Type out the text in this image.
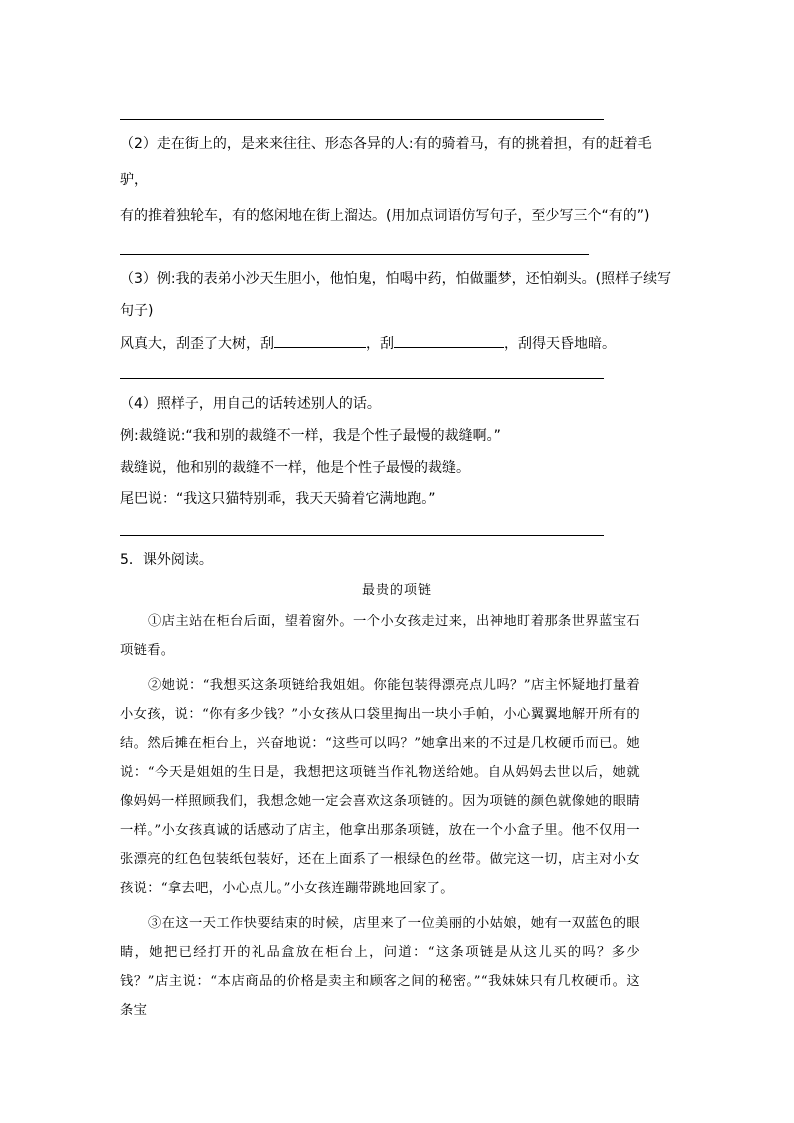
（2）走在街上的，是来来往往、形态各异的人:有的骑着马，有的挑着担，有的赶着毛
驴，
有的推着独轮车，有的悠闲地在街上溜达。(用加点词语仿写句子，至少写三个“有的”)
（3）例:我的表弟小沙天生胆小，他怕鬼，怕喝中药，怕做噩梦，还怕剃头。(照样子续写
句子)
风真大，刮歪了大树，刮	，刮	，刮得天昏地暗。
（4）照样子，用自己的话转述别人的话。
例:裁缝说:“我和别的裁缝不一样，我是个性子最慢的裁缝啊。”
裁缝说，他和别的裁缝不一样，他是个性子最慢的裁缝。
尾巴说：“我这只猫特别乖，我天天骑着它满地跑。”
5．课外阅读。
最贵的项链

①店主站在柜台后面，望着窗外。一个小女孩走过来，出神地盯着那条世界蓝宝石项链看。

②她说：“我想买这条项链给我姐姐。你能包装得漂亮点儿吗？”店主怀疑地打量着小女孩，说：“你有多少钱？”小女孩从口袋里掏出一块小手帕，小心翼翼地解开所有的结。然后摊在柜台上，兴奋地说：“这些可以吗？”她拿出来的不过是几枚硬币而已。她说：“今天是姐姐的生日是，我想把这项链当作礼物送给她。自从妈妈去世以后，她就像妈妈一样照顾我们，我想念她一定会喜欢这条项链的。因为项链的颜色就像她的眼睛一样。”小女孩真诚的话感动了店主，他拿出那条项链，放在一个小盒子里。他不仅用一张漂亮的红色包装纸包装好，还在上面系了一根绿色的丝带。做完这一切，店主对小女孩说：“拿去吧，小心点儿。”小女孩连蹦带跳地回家了。

③在这一天工作快要结束的时候，店里来了一位美丽的小姑娘，她有一双蓝色的眼睛，她把已经打开的礼品盒放在柜台上，问道：“这条项链是从这儿买的吗？多少钱？”店主说：“本店商品的价格是卖主和顾客之间的秘密。”“我妹妹只有几枚硬币。这条宝
